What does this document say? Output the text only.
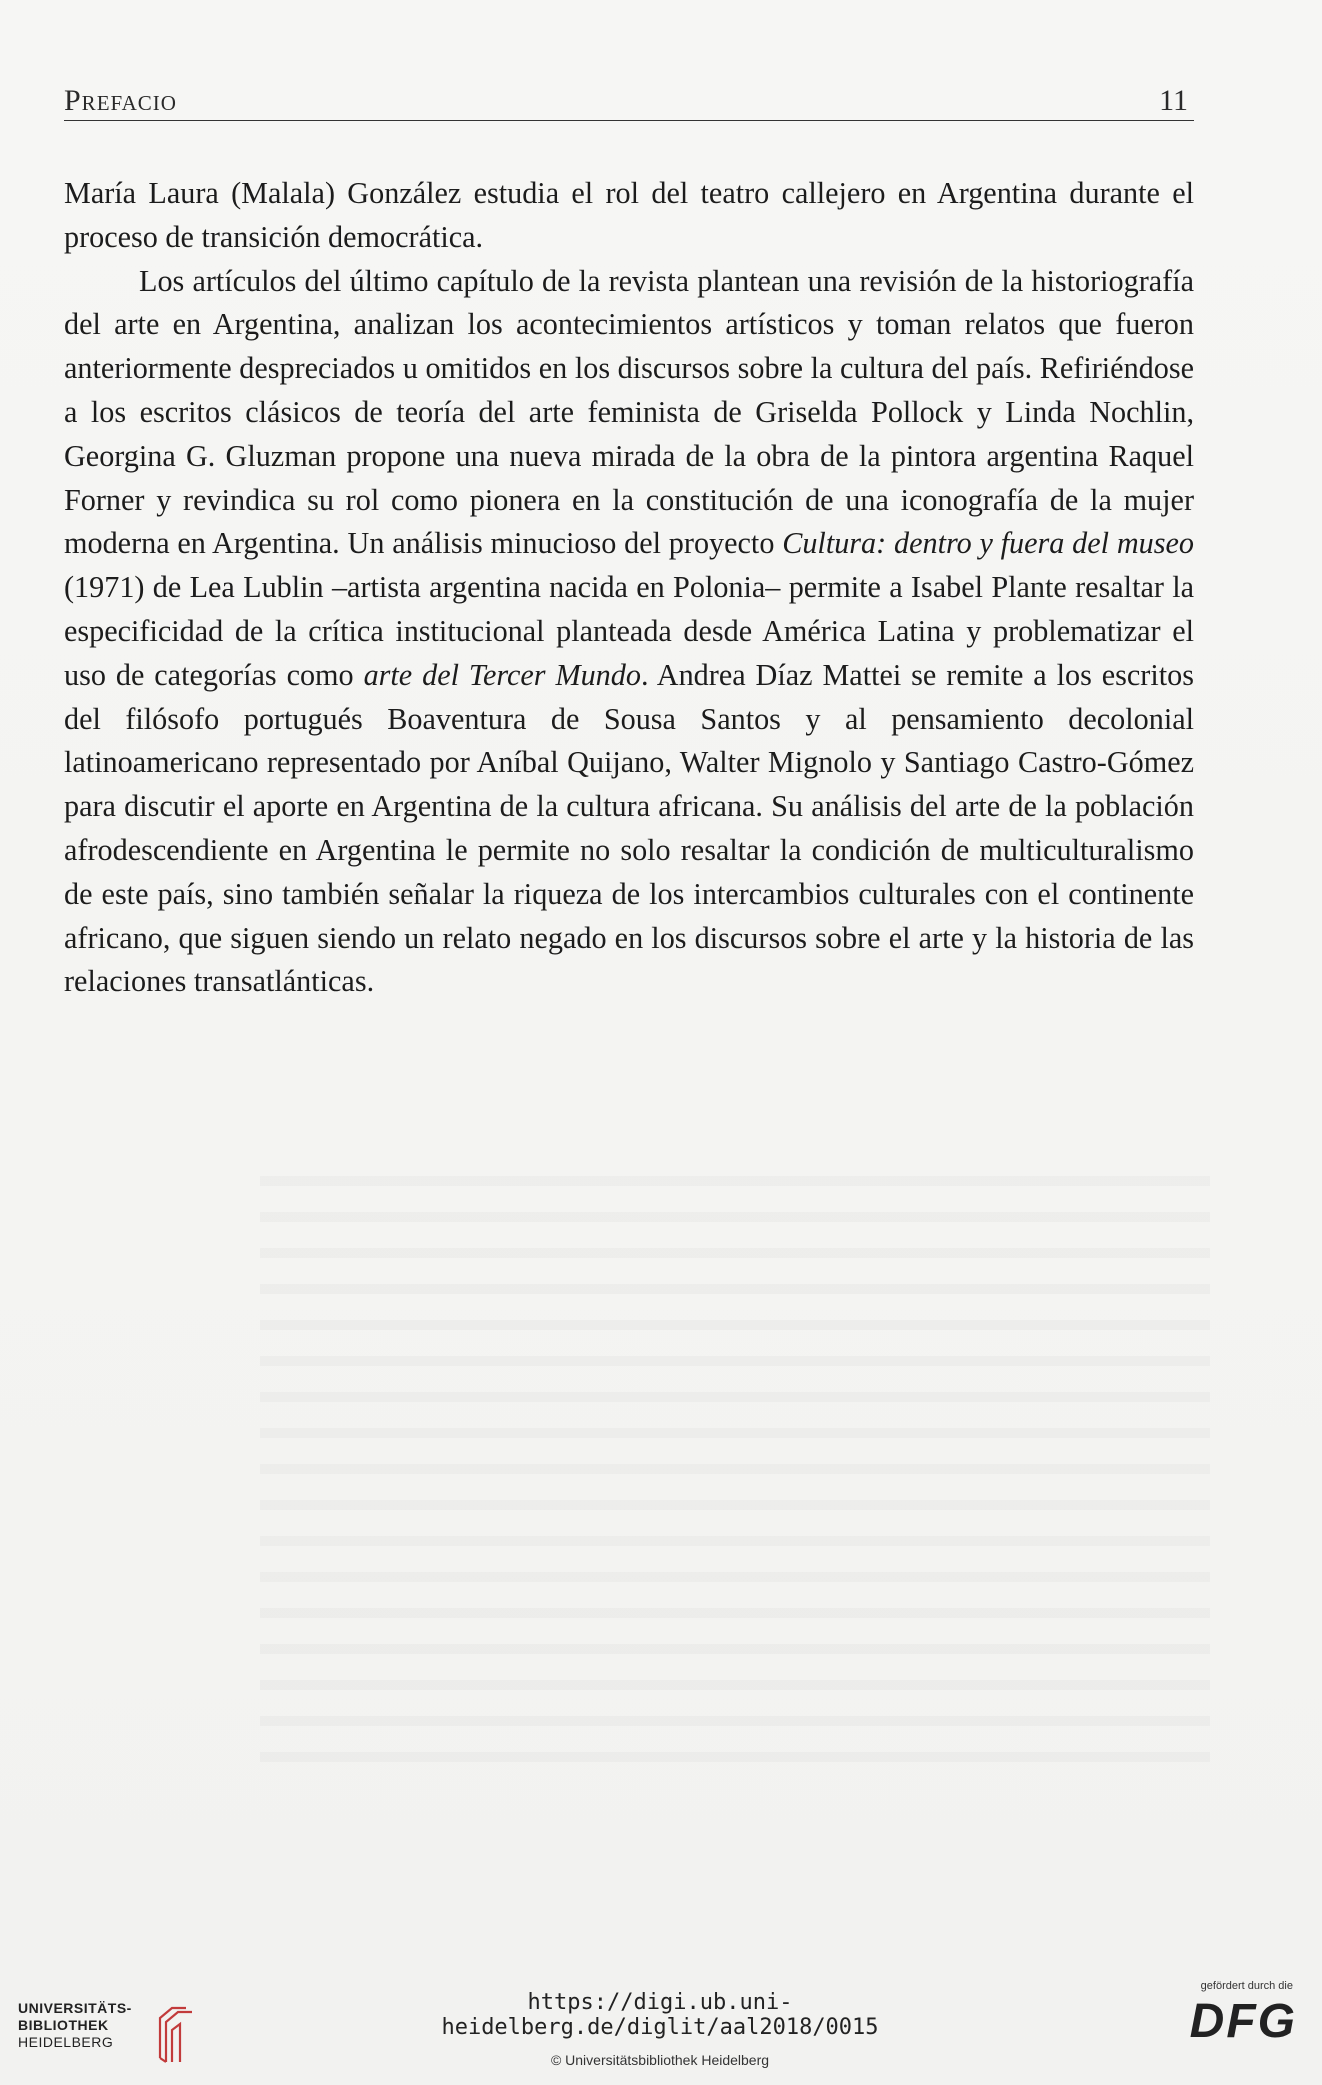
Prefacio	11

María Laura (Malala) González estudia el rol del teatro callejero en Argentina durante el proceso de transición democrática.

Los artículos del último capítulo de la revista plantean una revisión de la historiografía del arte en Argentina, analizan los acontecimientos artísticos y toman relatos que fueron anteriormente despreciados u omitidos en los discursos sobre la cultura del país. Refiriéndose a los escritos clásicos de teoría del arte feminista de Griselda Pollock y Linda Nochlin, Georgina G. Gluzman propone una nueva mirada de la obra de la pintora argentina Raquel Forner y revindica su rol como pionera en la constitución de una iconografía de la mujer moderna en Argentina. Un análisis minucioso del proyecto Cultura: dentro y fuera del museo (1971) de Lea Lublin –artista argentina nacida en Polonia– permite a Isabel Plante resaltar la especificidad de la crítica institucional planteada desde América Latina y problematizar el uso de categorías como arte del Tercer Mundo. Andrea Díaz Mattei se remite a los escritos del filósofo portugués Boaventura de Sousa Santos y al pensamiento decolonial latinoamericano representado por Aníbal Quijano, Walter Mignolo y Santiago Castro-Gómez para discutir el aporte en Argentina de la cultura africana. Su análisis del arte de la población afrodescendiente en Argentina le permite no solo resaltar la condición de multiculturalismo de este país, sino también señalar la riqueza de los intercambios culturales con el continente africano, que siguen siendo un relato negado en los discursos sobre el arte y la historia de las relaciones transatlánticas.

UNIVERSITÄTS-
BIBLIOTHEK
HEIDELBERG
https://digi.ub.uni-heidelberg.de/diglit/aal2018/0015
© Universitätsbibliothek Heidelberg
gefördert durch die
DFG
